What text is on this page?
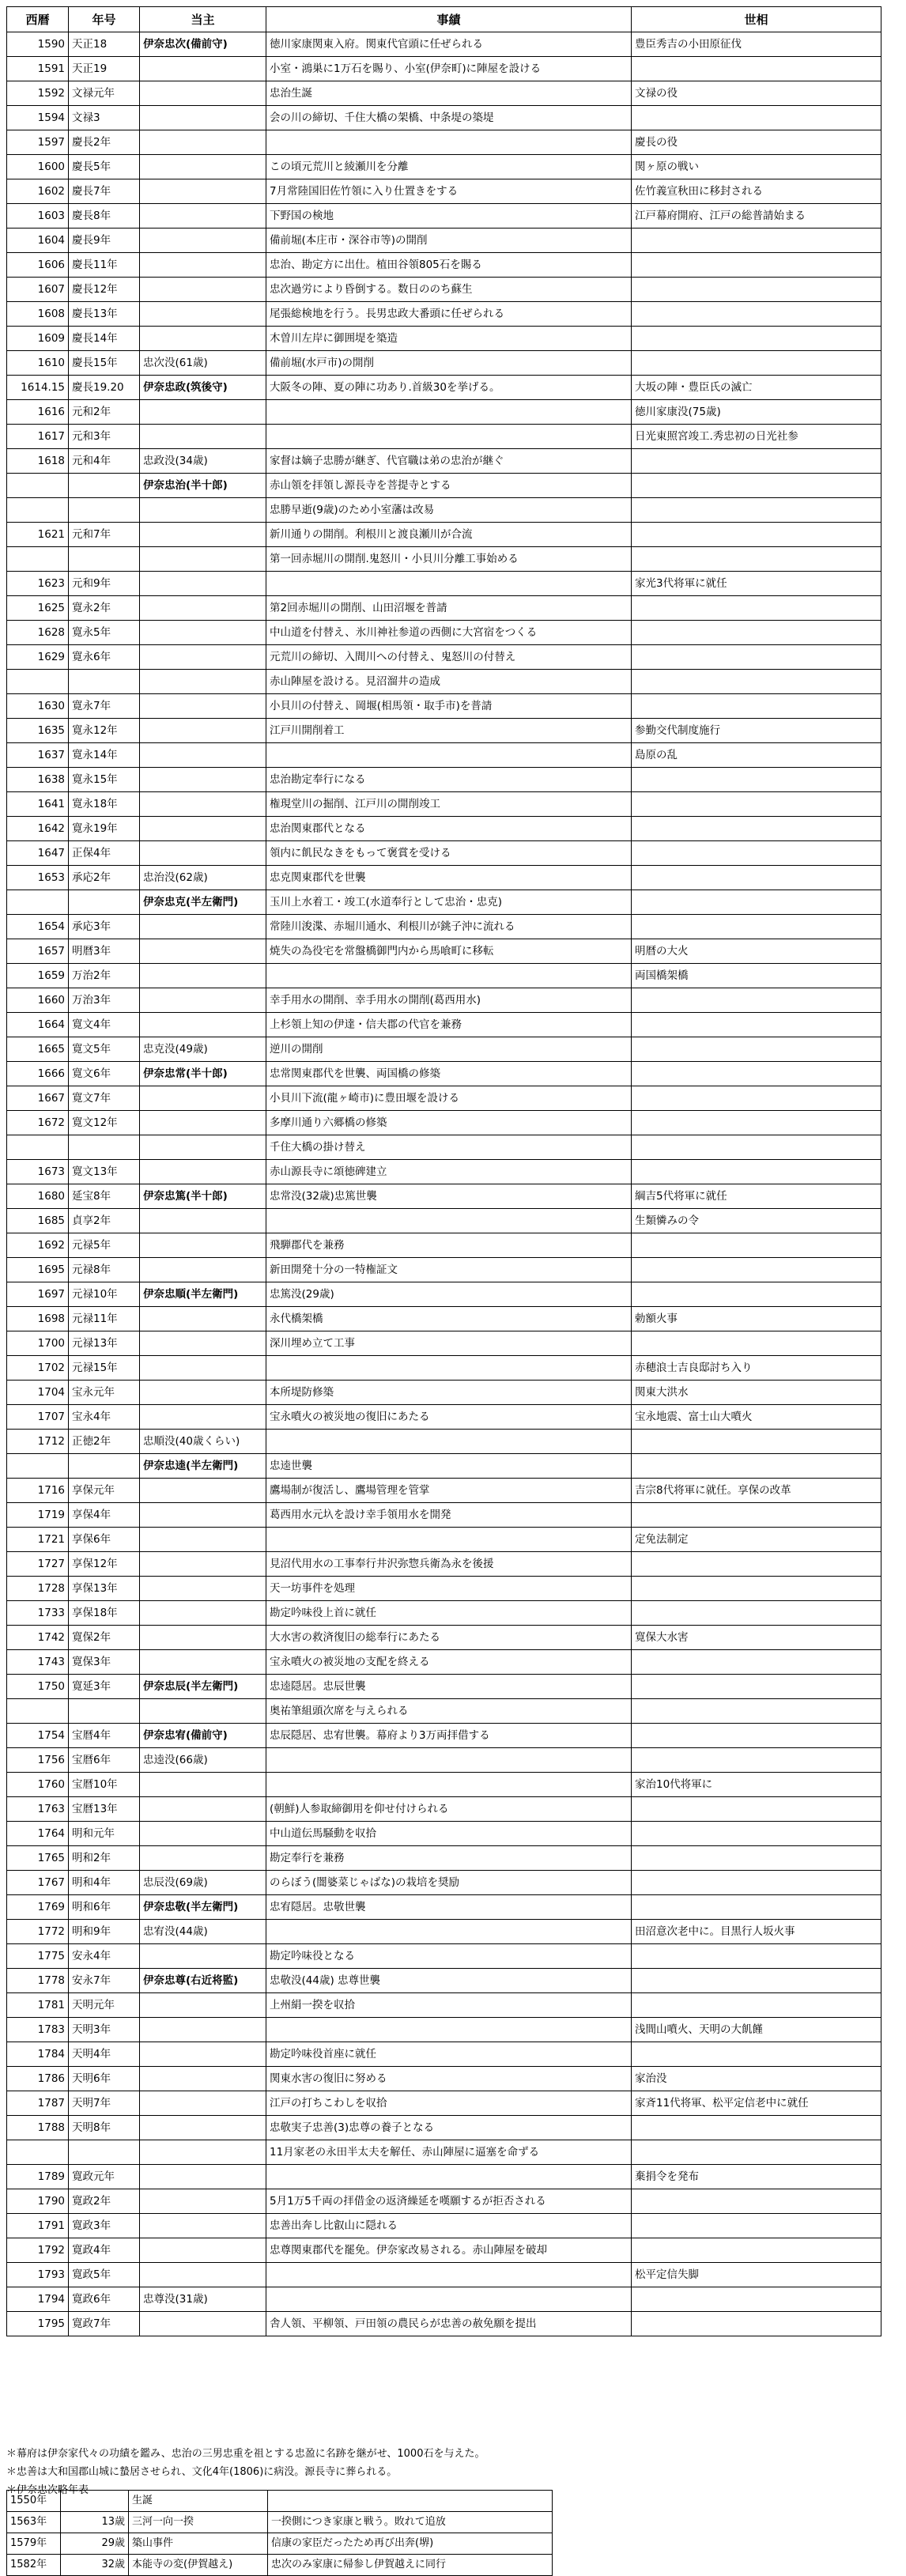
西暦	年号	当主	事績	世相
1590	天正18	伊奈忠次(備前守)	徳川家康関東入府。関東代官頭に任ぜられる	豊臣秀吉の小田原征伐
1591	天正19		小室・鴻巣に1万石を賜り、小室(伊奈町)に陣屋を設ける	
1592	文禄元年		忠治生誕	文禄の役
1594	文禄3		会の川の締切、千住大橋の架橋、中条堤の築堤	
1597	慶長2年			慶長の役
1600	慶長5年		この頃元荒川と綾瀬川を分離	関ヶ原の戦い
1602	慶長7年		7月常陸国旧佐竹領に入り仕置きをする	佐竹義宣秋田に移封される
1603	慶長8年		下野国の検地	江戸幕府開府、江戸の総普請始まる
1604	慶長9年		備前堀(本庄市・深谷市等)の開削	
1606	慶長11年		忠治、勘定方に出仕。植田谷領805石を賜る	
1607	慶長12年		忠次過労により昏倒する。数日ののち蘇生	
1608	慶長13年		尾張総検地を行う。長男忠政大番頭に任ぜられる	
1609	慶長14年		木曽川左岸に御囲堤を築造	
1610	慶長15年	忠次没(61歳)	備前堀(水戸市)の開削	
1614.15	慶長19.20	伊奈忠政(筑後守)	大阪冬の陣、夏の陣に功あり.首級30を挙げる。	大坂の陣・豊臣氏の滅亡
1616	元和2年			徳川家康没(75歳)
1617	元和3年			日光東照宮竣工.秀忠初の日光社参
1618	元和4年	忠政没(34歳)	家督は嫡子忠勝が継ぎ、代官職は弟の忠治が継ぐ	
		伊奈忠治(半十郎)	赤山領を拝領し源長寺を菩提寺とする	
			忠勝早逝(9歳)のため小室藩は改易	
1621	元和7年		新川通りの開削。利根川と渡良瀬川が合流	
			第一回赤堀川の開削.鬼怒川・小貝川分離工事始める	
1623	元和9年			家光3代将軍に就任
1625	寛永2年		第2回赤堀川の開削、山田沼堰を普請	
1628	寛永5年		中山道を付替え、氷川神社参道の西側に大宮宿をつくる	
1629	寛永6年		元荒川の締切、入間川への付替え、鬼怒川の付替え	
			赤山陣屋を設ける。見沼溜井の造成	
1630	寛永7年		小貝川の付替え、岡堰(相馬領・取手市)を普請	
1635	寛永12年		江戸川開削着工	参勤交代制度施行
1637	寛永14年			島原の乱
1638	寛永15年		忠治勘定奉行になる	
1641	寛永18年		権現堂川の掘削、江戸川の開削竣工	
1642	寛永19年		忠治関東郡代となる	
1647	正保4年		領内に飢民なきをもって褒賞を受ける	
1653	承応2年	忠治没(62歳)	忠克関東郡代を世襲	
		伊奈忠克(半左衛門)	玉川上水着工・竣工(水道奉行として忠治・忠克)	
1654	承応3年		常陸川浚渫、赤堀川通水、利根川が銚子沖に流れる	
1657	明暦3年		焼失の為役宅を常盤橋御門内から馬喰町に移転	明暦の大火
1659	万治2年			両国橋架橋
1660	万治3年		幸手用水の開削、幸手用水の開削(葛西用水)	
1664	寛文4年		上杉領上知の伊達・信夫郡の代官を兼務	
1665	寛文5年	忠克没(49歳)	逆川の開削	
1666	寛文6年	伊奈忠常(半十郎)	忠常関東郡代を世襲、両国橋の修築	
1667	寛文7年		小貝川下流(龍ヶ崎市)に豊田堰を設ける	
1672	寛文12年		多摩川通り六郷橋の修築	
			千住大橋の掛け替え	
1673	寛文13年		赤山源長寺に頌徳碑建立	
1680	延宝8年	伊奈忠篤(半十郎)	忠常没(32歳)忠篤世襲	綱吉5代将軍に就任
1685	貞享2年			生類憐みの令
1692	元禄5年		飛騨郡代を兼務	
1695	元禄8年		新田開発十分の一特権証文	
1697	元禄10年	伊奈忠順(半左衛門)	忠篤没(29歳)	
1698	元禄11年		永代橋架橋	勅額火事
1700	元禄13年		深川埋め立て工事	
1702	元禄15年			赤穂浪士吉良邸討ち入り
1704	宝永元年		本所堤防修築	関東大洪水
1707	宝永4年		宝永噴火の被災地の復旧にあたる	宝永地震、富士山大噴火
1712	正徳2年	忠順没(40歳くらい)		
		伊奈忠逵(半左衛門)	忠逵世襲	
1716	享保元年		鷹場制が復活し、鷹場管理を管掌	吉宗8代将軍に就任。享保の改革
1719	享保4年		葛西用水元圦を設け幸手領用水を開発	
1721	享保6年			定免法制定
1727	享保12年		見沼代用水の工事奉行井沢弥惣兵衛為永を後援	
1728	享保13年		天一坊事件を処理	
1733	享保18年		勘定吟味役上首に就任	
1742	寛保2年		大水害の救済復旧の総奉行にあたる	寛保大水害
1743	寛保3年		宝永噴火の被災地の支配を終える	
1750	寛延3年	伊奈忠辰(半左衛門)	忠逵隠居。忠辰世襲	
			奥祐筆組頭次席を与えられる	
1754	宝暦4年	伊奈忠宥(備前守)	忠辰隠居、忠宥世襲。幕府より3万両拝借する	
1756	宝暦6年	忠逵没(66歳)		
1760	宝暦10年			家治10代将軍に
1763	宝暦13年		(朝鮮)人参取締御用を仰せ付けられる	
1764	明和元年		中山道伝馬騒動を収拾	
1765	明和2年		勘定奉行を兼務	
1767	明和4年	忠辰没(69歳)	のらぼう(闇婆菜じゃばな)の栽培を奨励	
1769	明和6年	伊奈忠敬(半左衛門)	忠宥隠居。忠敬世襲	
1772	明和9年	忠宥没(44歳)		田沼意次老中に。目黒行人坂火事
1775	安永4年		勘定吟味役となる	
1778	安永7年	伊奈忠尊(右近将監)	忠敬没(44歳) 忠尊世襲	
1781	天明元年		上州絹一揆を収拾	
1783	天明3年			浅間山噴火、天明の大飢饉
1784	天明4年		勘定吟味役首座に就任	
1786	天明6年		関東水害の復旧に努める	家治没
1787	天明7年		江戸の打ちこわしを収拾	家斉11代将軍、松平定信老中に就任
1788	天明8年		忠敬実子忠善(3)忠尊の養子となる	
			11月家老の永田半太夫を解任、赤山陣屋に逼塞を命ずる	
1789	寛政元年			棄捐令を発布
1790	寛政2年		5月1万5千両の拝借金の返済繰延を嘆願するが拒否される	
1791	寛政3年		忠善出奔し比叡山に隠れる	
1792	寛政4年		忠尊関東郡代を罷免。伊奈家改易される。赤山陣屋を破却	
1793	寛政5年			松平定信失脚
1794	寛政6年	忠尊没(31歳)		
1795	寛政7年		舎人領、平柳領、戸田領の農民らが忠善の赦免願を提出	

＊幕府は伊奈家代々の功績を鑑み、忠治の三男忠重を祖とする忠盈に名跡を継がせ、1000石を与えた。

＊忠善は大和国郡山城に蟄居させられ、文化4年(1806)に病没。源長寺に葬られる。

＊伊奈忠次略年表

1550年		生誕	
1563年	13歳	三河一向一揆	一揆側につき家康と戦う。敗れて追放
1579年	29歳	築山事件	信康の家臣だったため再び出奔(堺)
1582年	32歳	本能寺の変(伊賀越え)	忠次のみ家康に帰参し伊賀越えに同行
